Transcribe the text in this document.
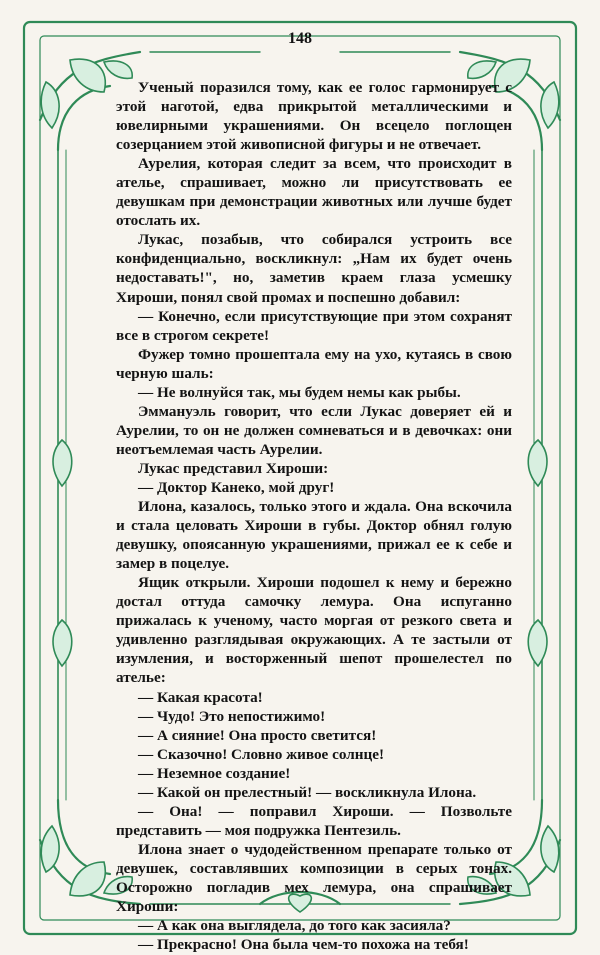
148

Ученый поразился тому, как ее голос гармонирует с этой наготой, едва прикрытой металлическими и ювелирными украшениями. Он всецело поглощен созерцанием этой живописной фигуры и не отвечает.

Аурелия, которая следит за всем, что происходит в ателье, спрашивает, можно ли присутствовать ее девушкам при демонстрации животных или лучше будет отослать их.

Лукас, позабыв, что собирался устроить все конфиденциально, воскликнул: „Нам их будет очень недоставать!", но, заметив краем глаза усмешку Хироши, понял свой промах и поспешно добавил:

— Конечно, если присутствующие при этом сохранят все в строгом секрете!

Фужер томно прошептала ему на ухо, кутаясь в свою черную шаль:

— Не волнуйся так, мы будем немы как рыбы.

Эммануэль говорит, что если Лукас доверяет ей и Аурелии, то он не должен сомневаться и в девочках: они неотъемлемая часть Аурелии.

Лукас представил Хироши:

— Доктор Канеко, мой друг!

Илона, казалось, только этого и ждала. Она вскочила и стала целовать Хироши в губы. Доктор обнял голую девушку, опоясанную украшениями, прижал ее к себе и замер в поцелуе.

Ящик открыли. Хироши подошел к нему и бережно достал оттуда самочку лемура. Она испуганно прижалась к ученому, часто моргая от резкого света и удивленно разглядывая окружающих. А те застыли от изумления, и восторженный шепот прошелестел по ателье:

— Какая красота!

— Чудо! Это непостижимо!

— А сияние! Она просто светится!

— Сказочно! Словно живое солнце!

— Неземное создание!

— Какой он прелестный! — воскликнула Илона.

— Она! — поправил Хироши. — Позвольте представить — моя подружка Пентезиль.

Илона знает о чудодейственном препарате только от девушек, составлявших композиции в серых тонах. Осторожно погладив мех лемура, она спрашивает Хироши:

— А как она выглядела, до того как засияла?

— Прекрасно! Она была чем-то похожа на тебя!
